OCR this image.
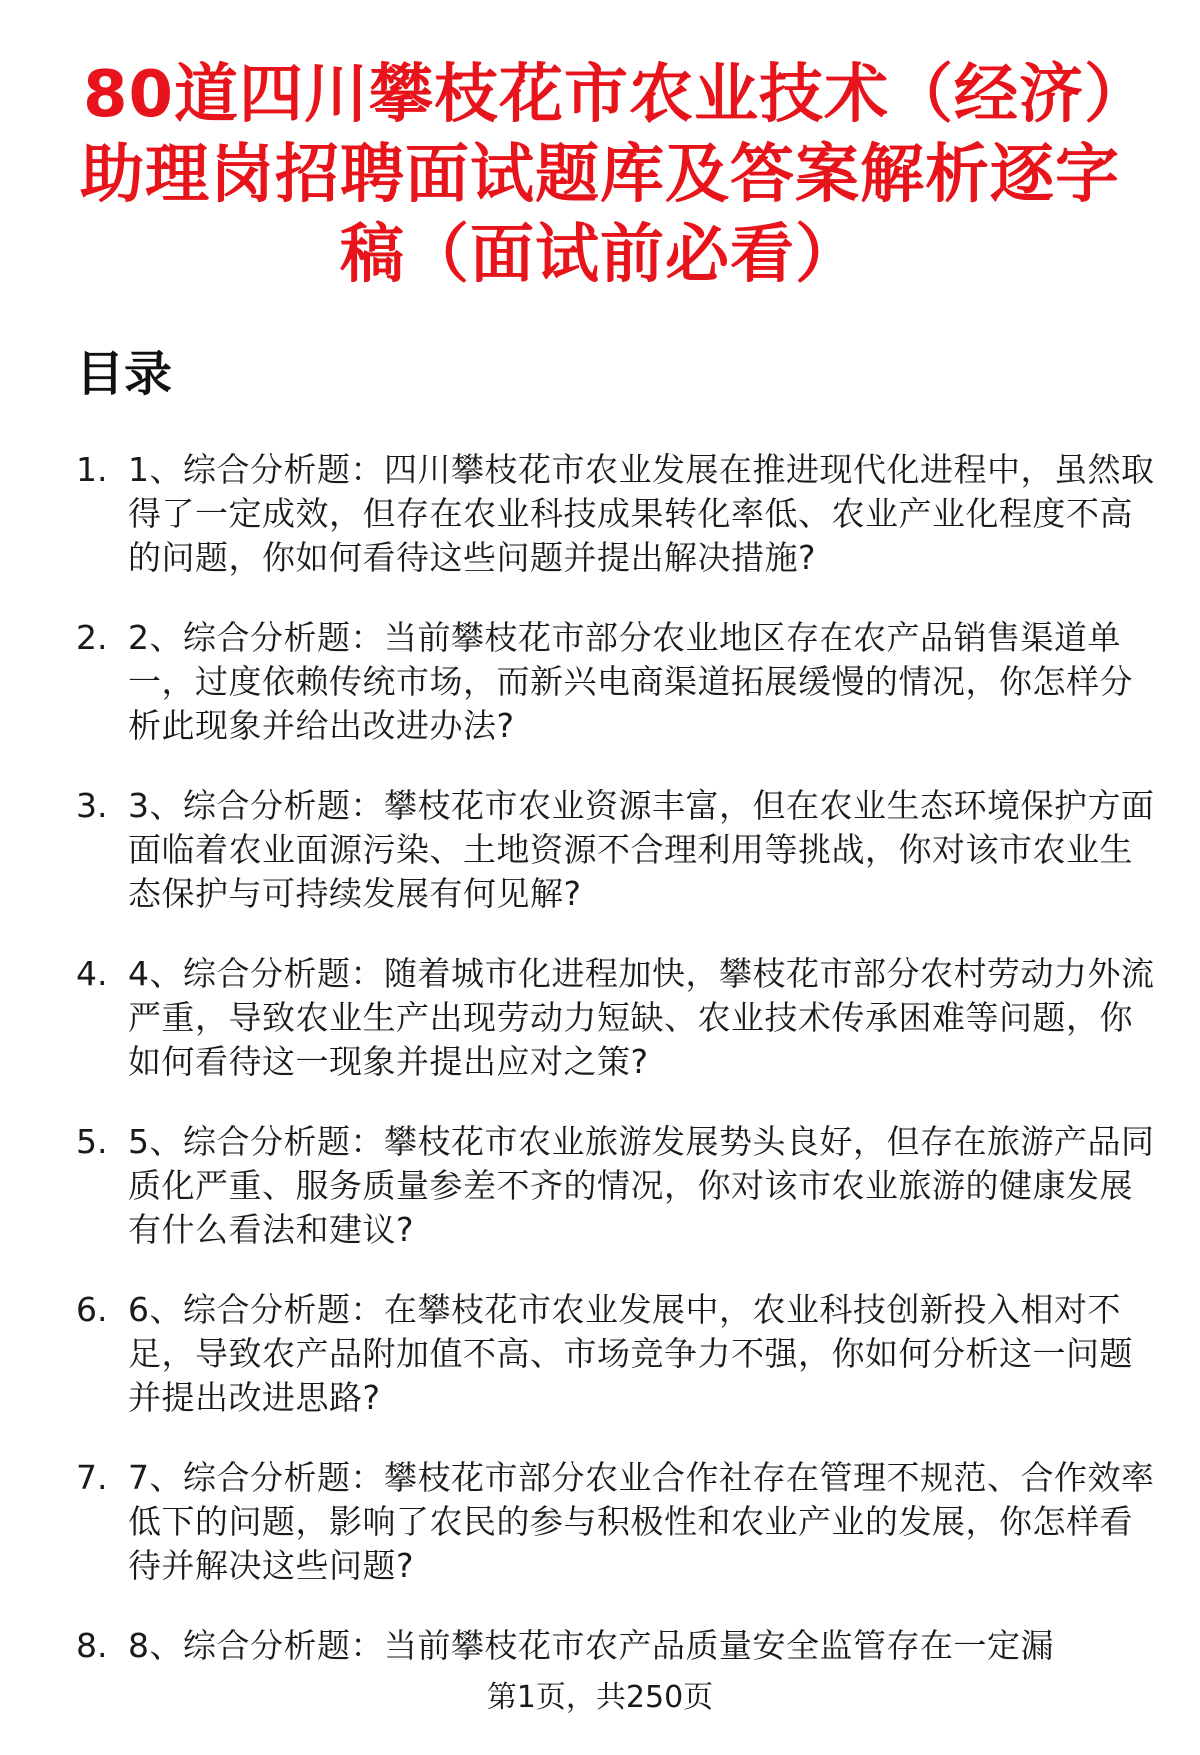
80道四川攀枝花市农业技术（经济）助理岗招聘面试题库及答案解析逐字稿（面试前必看）
目录
1. 1、综合分析题：四川攀枝花市农业发展在推进现代化进程中，虽然取得了一定成效，但存在农业科技成果转化率低、农业产业化程度不高的问题，你如何看待这些问题并提出解决措施?
2. 2、综合分析题：当前攀枝花市部分农业地区存在农产品销售渠道单一，过度依赖传统市场，而新兴电商渠道拓展缓慢的情况，你怎样分析此现象并给出改进办法?
3. 3、综合分析题：攀枝花市农业资源丰富，但在农业生态环境保护方面面临着农业面源污染、土地资源不合理利用等挑战，你对该市农业生态保护与可持续发展有何见解?
4. 4、综合分析题：随着城市化进程加快，攀枝花市部分农村劳动力外流严重，导致农业生产出现劳动力短缺、农业技术传承困难等问题，你如何看待这一现象并提出应对之策?
5. 5、综合分析题：攀枝花市农业旅游发展势头良好，但存在旅游产品同质化严重、服务质量参差不齐的情况，你对该市农业旅游的健康发展有什么看法和建议?
6. 6、综合分析题：在攀枝花市农业发展中，农业科技创新投入相对不足，导致农产品附加值不高、市场竞争力不强，你如何分析这一问题并提出改进思路?
7. 7、综合分析题：攀枝花市部分农业合作社存在管理不规范、合作效率低下的问题，影响了农民的参与积极性和农业产业的发展，你怎样看待并解决这些问题?
8. 8、综合分析题：当前攀枝花市农产品质量安全监管存在一定漏
第1页，共250页
